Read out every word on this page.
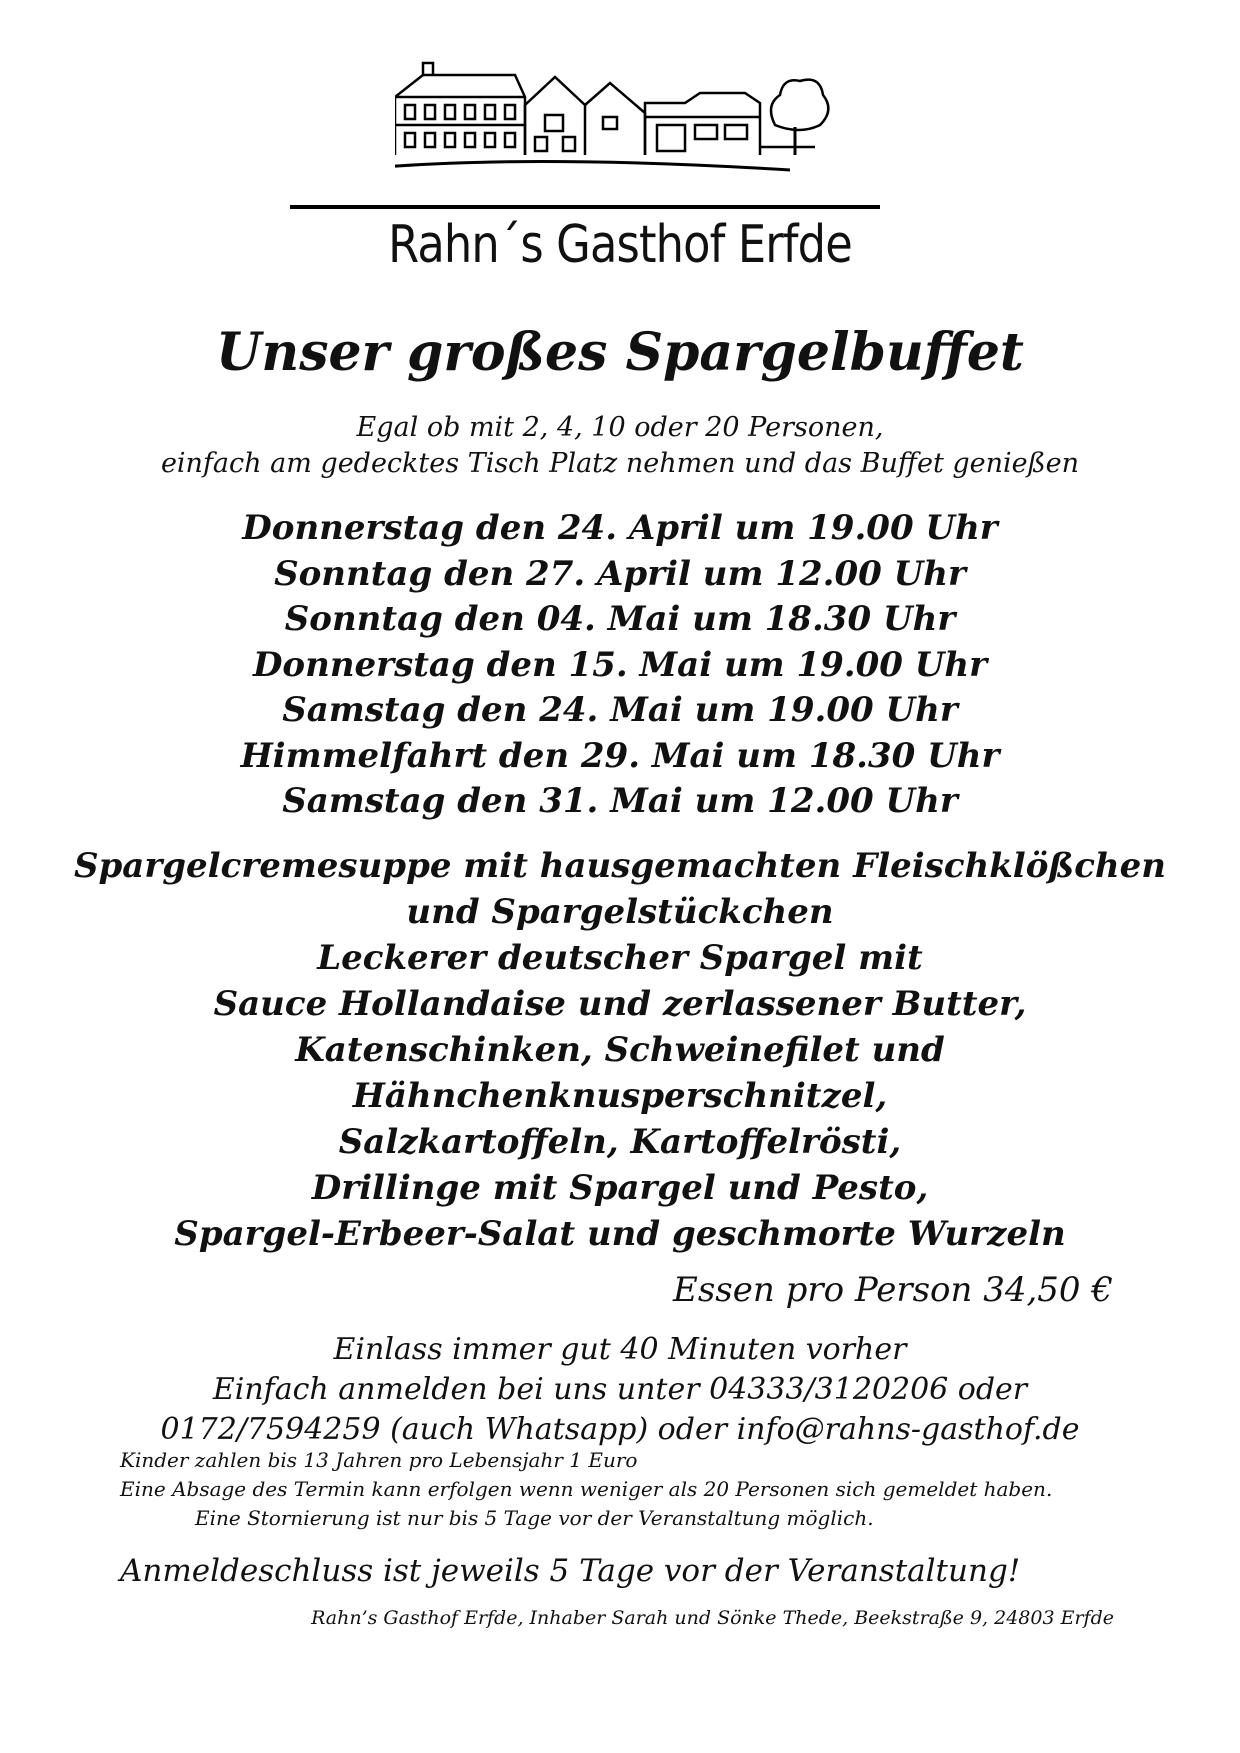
Rahn´s Gasthof Erfde
Unser großes Spargelbuffet
Egal ob mit 2, 4, 10 oder 20 Personen,
einfach am gedecktes Tisch Platz nehmen und das Buffet genießen
Donnerstag den 24. April um 19.00 Uhr
Sonntag den 27. April um 12.00 Uhr
Sonntag den 04. Mai um 18.30 Uhr
Donnerstag den 15. Mai um 19.00 Uhr
Samstag den 24. Mai um 19.00 Uhr
Himmelfahrt den 29. Mai um 18.30 Uhr
Samstag den 31. Mai um 12.00 Uhr
Spargelcremesuppe mit hausgemachten Fleischklößchen
und Spargelstückchen
Leckerer deutscher Spargel mit
Sauce Hollandaise und zerlassener Butter,
Katenschinken, Schweinefilet und
Hähnchenknusperschnitzel,
Salzkartoffeln, Kartoffelrösti,
Drillinge mit Spargel und Pesto,
Spargel-Erbeer-Salat und geschmorte Wurzeln
Essen pro Person 34,50 €
Einlass immer gut 40 Minuten vorher
Einfach anmelden bei uns unter 04333/3120206 oder
0172/7594259 (auch Whatsapp) oder info@rahns-gasthof.de
Kinder zahlen bis 13 Jahren pro Lebensjahr 1 Euro
Eine Absage des Termin kann erfolgen wenn weniger als 20 Personen sich gemeldet haben.
Eine Stornierung ist nur bis 5 Tage vor der Veranstaltung möglich.
Anmeldeschluss ist jeweils 5 Tage vor der Veranstaltung!
Rahn’s Gasthof Erfde, Inhaber Sarah und Sönke Thede, Beekstraße 9, 24803 Erfde
